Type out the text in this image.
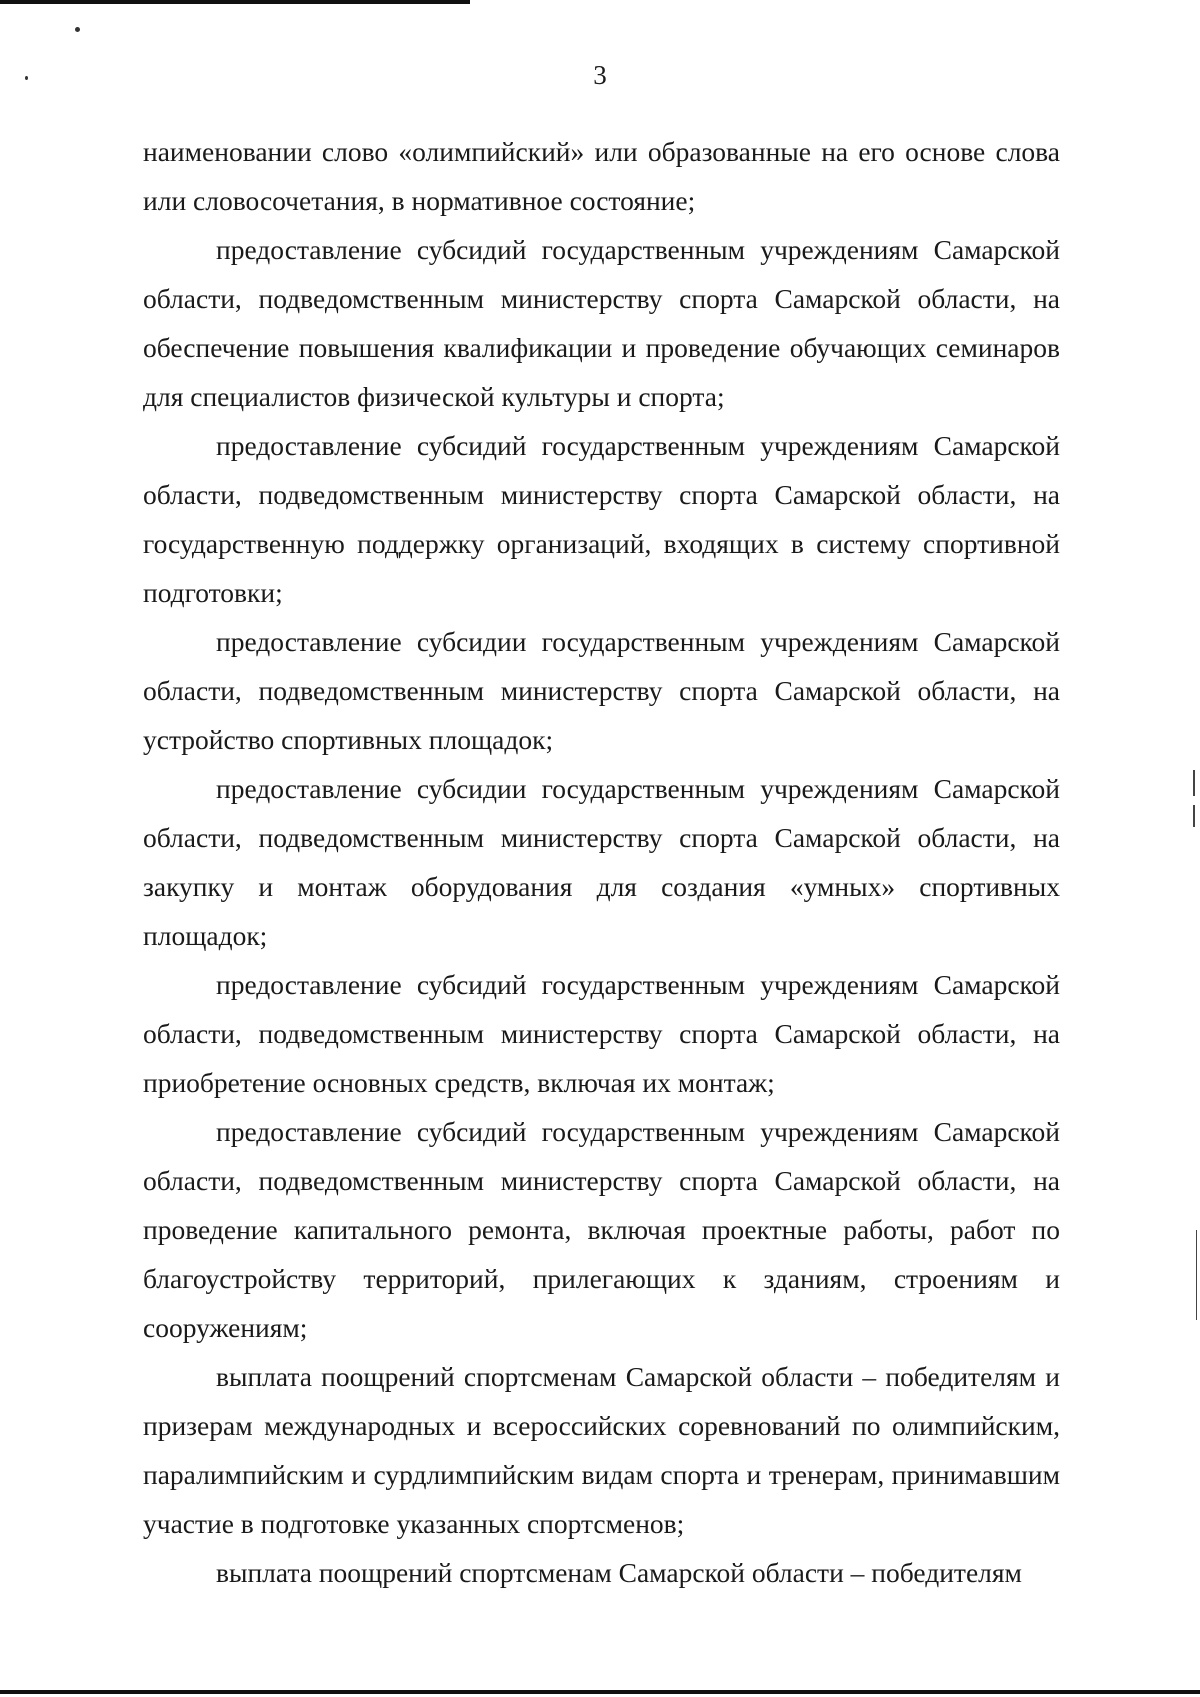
3

наименовании слово «олимпийский» или образованные на его основе слова или словосочетания, в нормативное состояние;

предоставление субсидий государственным учреждениям Самарской области, подведомственным министерству спорта Самарской области, на обеспечение повышения квалификации и проведение обучающих семинаров для специалистов физической культуры и спорта;

предоставление субсидий государственным учреждениям Самарской области, подведомственным министерству спорта Самарской области, на государственную поддержку организаций, входящих в систему спортивной подготовки;

предоставление субсидии государственным учреждениям Самарской области, подведомственным министерству спорта Самарской области, на устройство спортивных площадок;

предоставление субсидии государственным учреждениям Самарской области, подведомственным министерству спорта Самарской области, на закупку и монтаж оборудования для создания «умных» спортивных площадок;

предоставление субсидий государственным учреждениям Самарской области, подведомственным министерству спорта Самарской области, на приобретение основных средств, включая их монтаж;

предоставление субсидий государственным учреждениям Самарской области, подведомственным министерству спорта Самарской области, на проведение капитального ремонта, включая проектные работы, работ по благоустройству территорий, прилегающих к зданиям, строениям и сооружениям;

выплата поощрений спортсменам Самарской области – победителям и призерам международных и всероссийских соревнований по олимпийским, паралимпийским и сурдлимпийским видам спорта и тренерам, принимавшим участие в подготовке указанных спортсменов;

выплата поощрений спортсменам Самарской области – победителям
